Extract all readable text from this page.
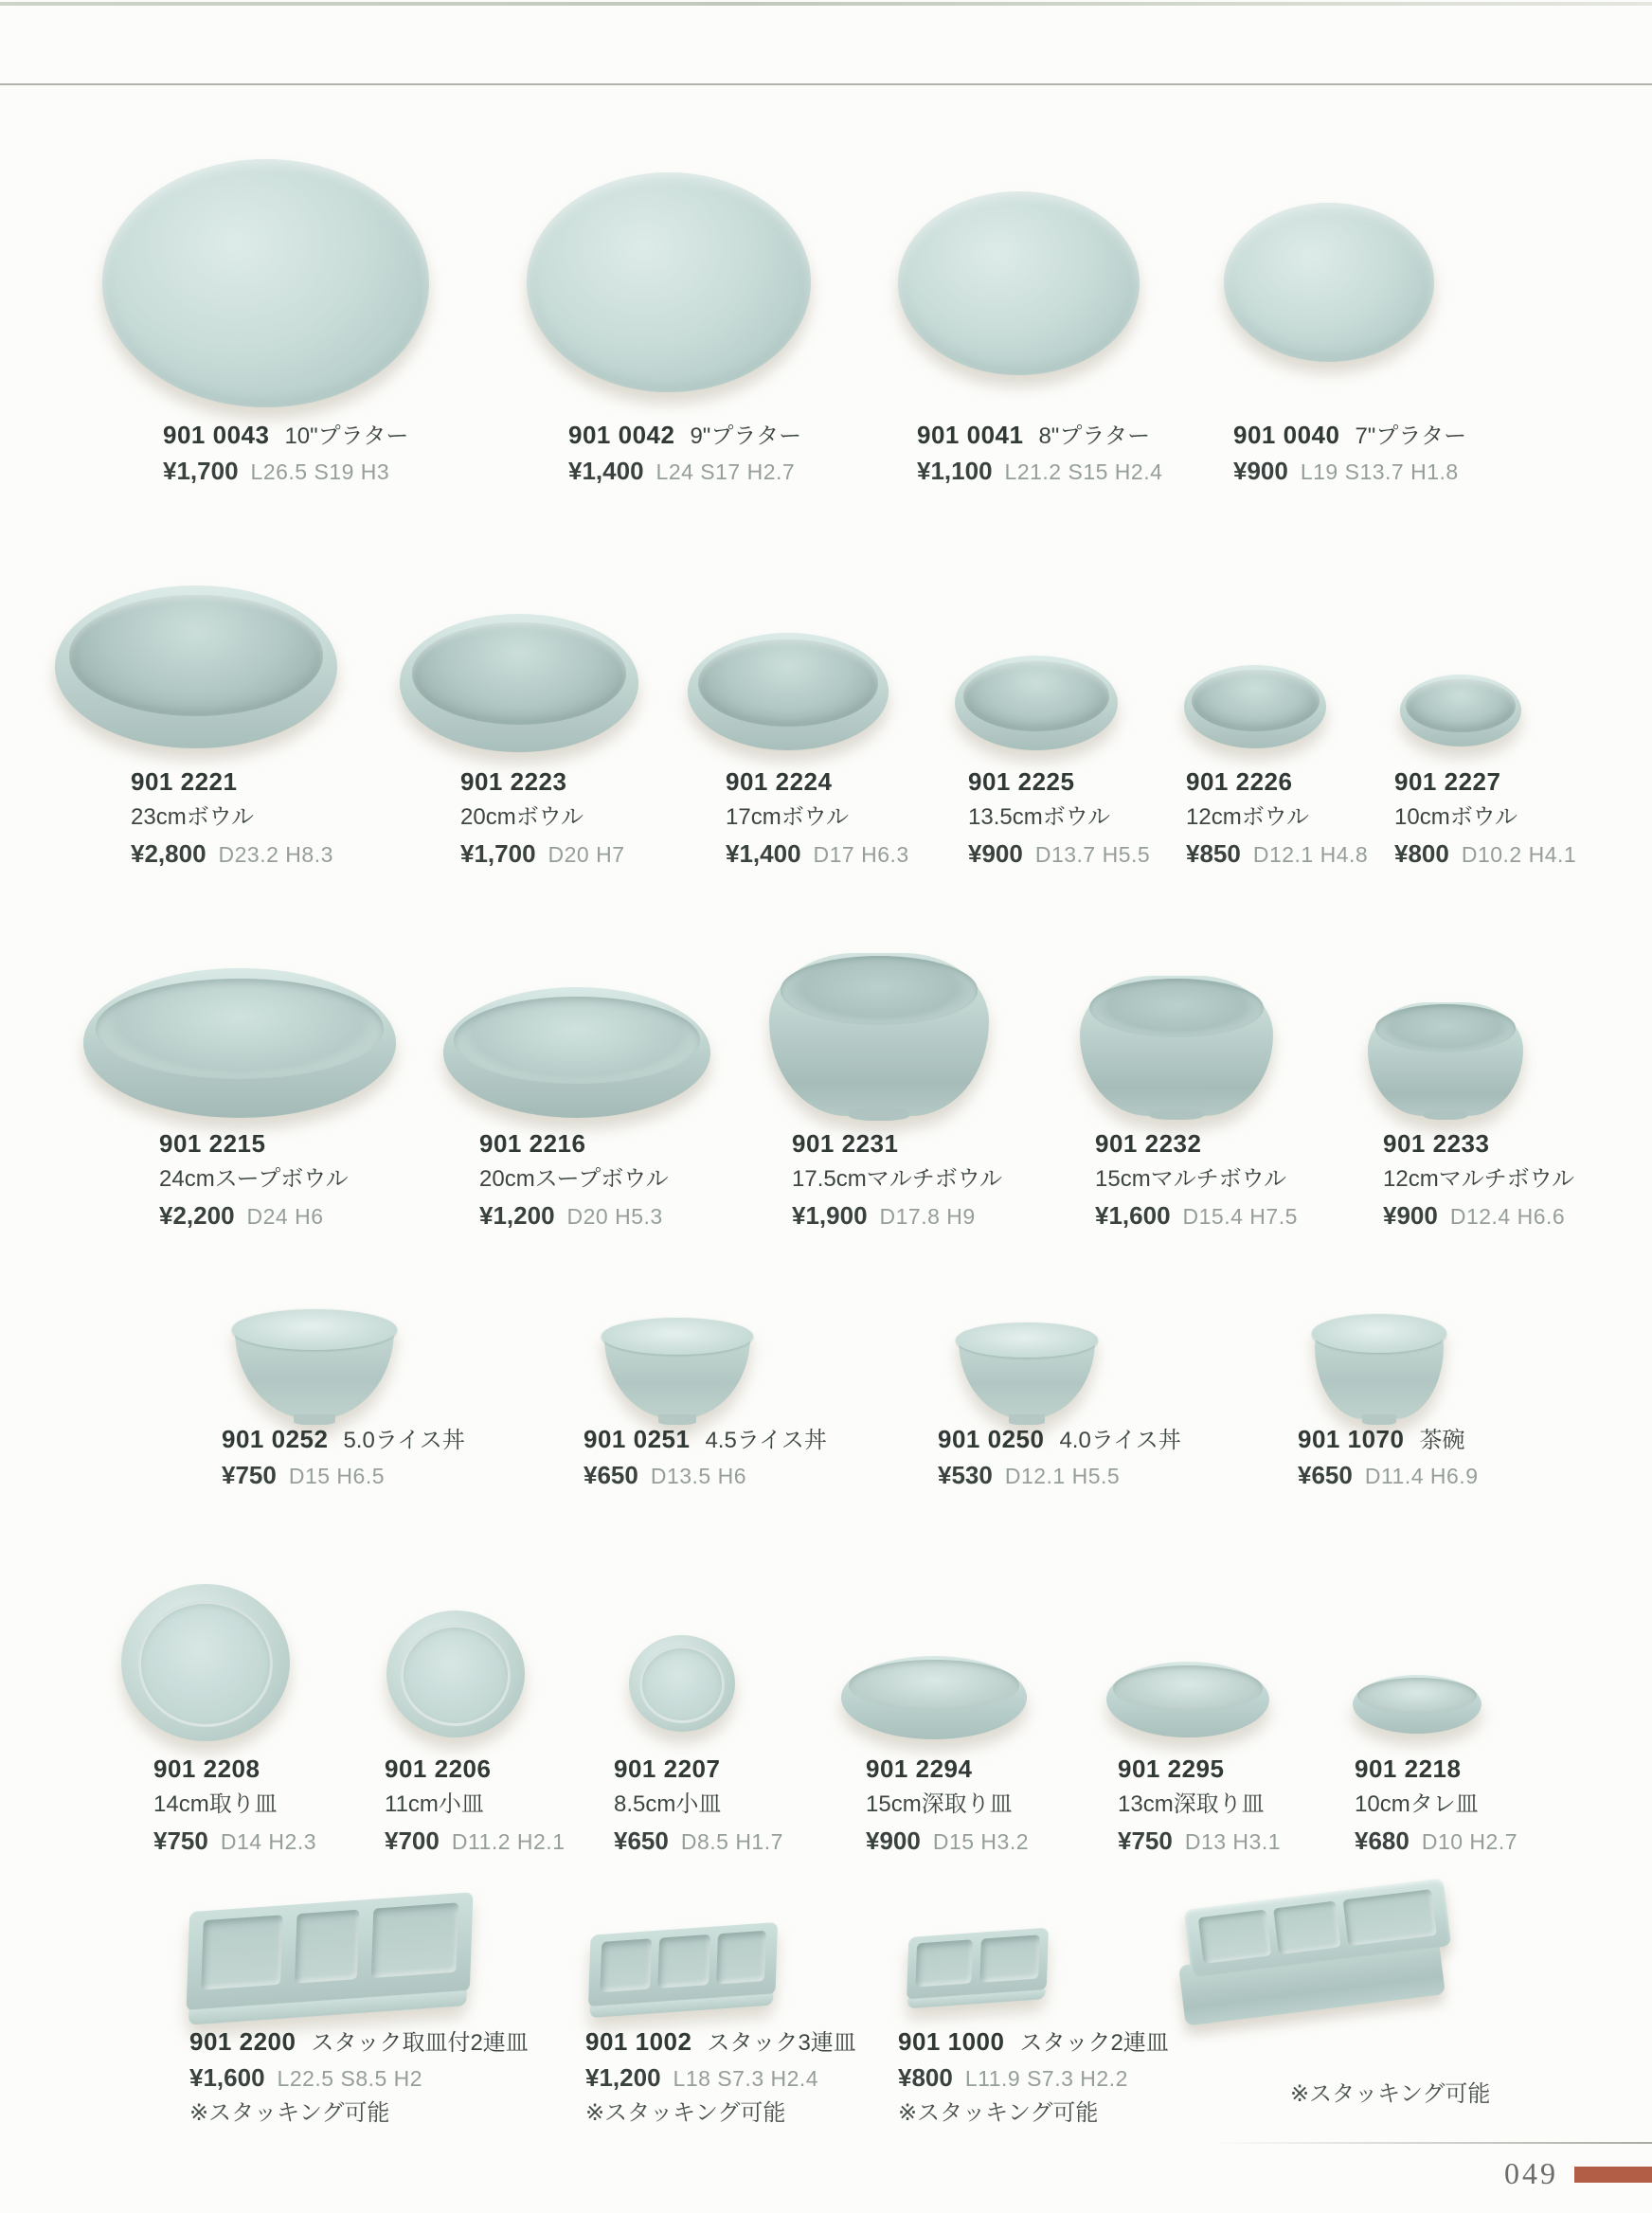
901 0043 10"プラター
¥1,700 L26.5 S19 H3
901 0042 9"プラター
¥1,400 L24 S17 H2.7
901 0041 8"プラター
¥1,100 L21.2 S15 H2.4
901 0040 7"プラター
¥900 L19 S13.7 H1.8
901 2221
23cmボウル
¥2,800 D23.2 H8.3
901 2223
20cmボウル
¥1,700 D20 H7
901 2224
17cmボウル
¥1,400 D17 H6.3
901 2225
13.5cmボウル
¥900 D13.7 H5.5
901 2226
12cmボウル
¥850 D12.1 H4.8
901 2227
10cmボウル
¥800 D10.2 H4.1
901 2215
24cmスープボウル
¥2,200 D24 H6
901 2216
20cmスープボウル
¥1,200 D20 H5.3
901 2231
17.5cmマルチボウル
¥1,900 D17.8 H9
901 2232
15cmマルチボウル
¥1,600 D15.4 H7.5
901 2233
12cmマルチボウル
¥900 D12.4 H6.6
901 0252 5.0ライス丼
¥750 D15 H6.5
901 0251 4.5ライス丼
¥650 D13.5 H6
901 0250 4.0ライス丼
¥530 D12.1 H5.5
901 1070 茶碗
¥650 D11.4 H6.9
901 2208
14cm取り皿
¥750 D14 H2.3
901 2206
11cm小皿
¥700 D11.2 H2.1
901 2207
8.5cm小皿
¥650 D8.5 H1.7
901 2294
15cm深取り皿
¥900 D15 H3.2
901 2295
13cm深取り皿
¥750 D13 H3.1
901 2218
10cmタレ皿
¥680 D10 H2.7
901 2200 スタック取皿付2連皿
¥1,600 L22.5 S8.5 H2
※スタッキング可能
901 1002 スタック3連皿
¥1,200 L18 S7.3 H2.4
※スタッキング可能
901 1000 スタック2連皿
¥800 L11.9 S7.3 H2.2
※スタッキング可能
※スタッキング可能
049
